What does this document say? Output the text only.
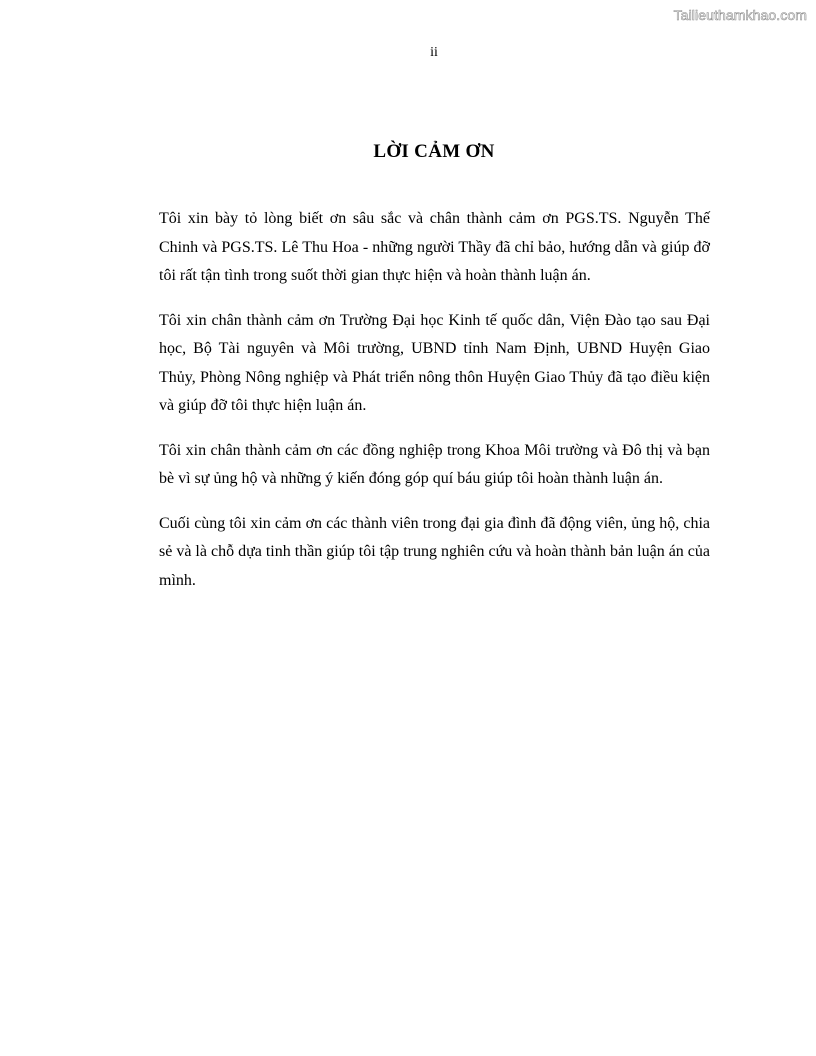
Tailieuthamkhao.com
ii
LỜI CẢM ƠN

Tôi xin bày tỏ lòng biết ơn sâu sắc và chân thành cảm ơn PGS.TS. Nguyễn Thế Chinh và PGS.TS. Lê Thu Hoa - những người Thầy đã chỉ bảo, hướng dẫn và giúp đỡ tôi rất tận tình trong suốt thời gian thực hiện và hoàn thành luận án.

Tôi xin chân thành cảm ơn Trường Đại học Kinh tế quốc dân, Viện Đào tạo sau Đại học, Bộ Tài nguyên và Môi trường, UBND tỉnh Nam Định, UBND Huyện Giao Thủy, Phòng Nông nghiệp và Phát triển nông thôn Huyện Giao Thủy đã tạo điều kiện và giúp đỡ tôi thực hiện luận án.

Tôi xin chân thành cảm ơn các đồng nghiệp trong Khoa Môi trường và Đô thị và bạn bè vì sự ủng hộ và những ý kiến đóng góp quí báu giúp tôi hoàn thành luận án.

Cuối cùng tôi xin cảm ơn các thành viên trong đại gia đình đã động viên, ủng hộ, chia sẻ và là chỗ dựa tinh thần giúp tôi tập trung nghiên cứu và hoàn thành bản luận án của mình.
